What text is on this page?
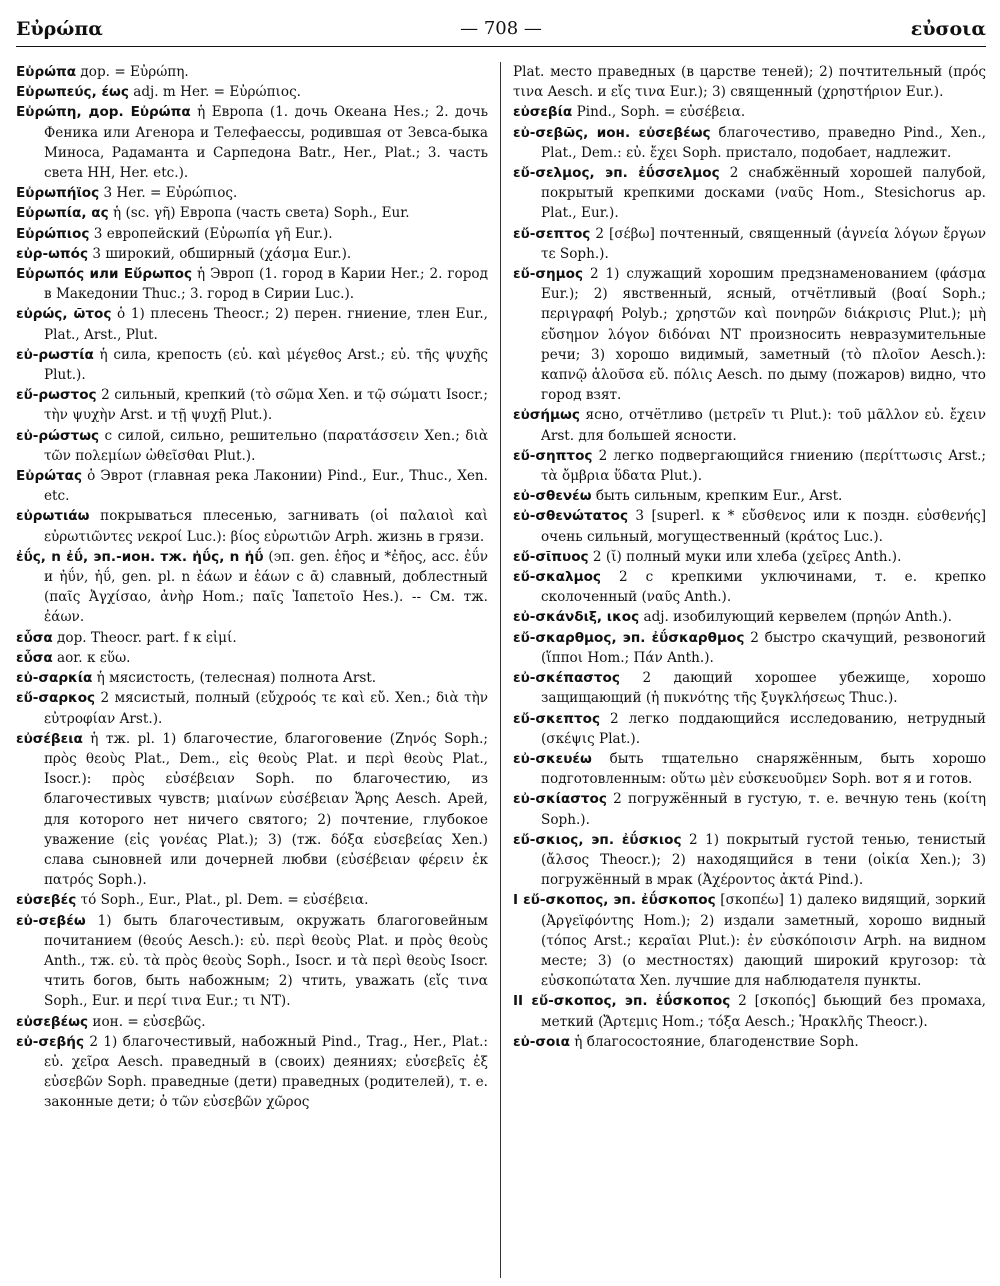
Εὐρώπα	— 708 —	εὐσοια

Εὐρώπα дор. = Εὐρώπη.

Εὐρωπεύς, έως adj. m Her. = Εὐρώπιος.

Εὐρώπη, дор. Εὐρώπα ἡ Европа (1. дочь Океана Hes.; 2. дочь Феника или Агенора и Телефаессы, родившая от Зевса-быка Миноса, Радаманта и Сарпедона Batr., Her., Plat.; 3. часть света HH, Her. etc.).

Εὐρωπήϊος 3 Her. = Εὐρώπιος.

Εὐρωπία, ας ἡ (sc. γῆ) Европа (часть света) Soph., Eur.

Εὐρώπιος 3 европейский (Εὐρωπία γῆ Eur.).

εὐρ-ωπός 3 широкий, обширный (χάσμα Eur.).

Εὐρωπός или Εὔρωπος ἡ Эвроп (1. город в Карии Her.; 2. город в Македонии Thuc.; 3. город в Сирии Luc.).

εὐρώς, ῶτος ὁ 1) плесень Theocr.; 2) перен. гниение, тлен Eur., Plat., Arst., Plut.

εὐ-ρωστία ἡ сила, крепость (εὐ. καὶ μέγεθος Arst.; εὐ. τῆς ψυχῆς Plut.).

εὔ-ρωστος 2 сильный, крепкий (τὸ σῶμα Xen. и τῷ σώματι Isocr.; τὴν ψυχὴν Arst. и τῇ ψυχῇ Plut.).

εὐ-ρώστως с силой, сильно, решительно (παρατάσσειν Xen.; διὰ τῶν πολεμίων ὠθεῖσθαι Plut.).

Εὐρώτας ὁ Эврот (главная река Лаконии) Pind., Eur., Thuc., Xen. etc.

εὐρωτιάω покрываться плесенью, загнивать (οἱ παλαιοὶ καὶ εὐρωτιῶντες νεκροί Luc.): βίος εὐρωτιῶν Arph. жизнь в грязи.

ἐΰς, n ἐΰ, эп.-ион. тж. ἠΰς, n ἠΰ (эп. gen. ἑῆος и *ἐῆος, acc. ἐΰν и ἠΰν, ἠΰ, gen. pl. n ἐάων и ἑάων с ᾱ) славный, доблестный (παῖς Ἀγχίσαο, ἀνὴρ Hom.; παῖς Ἰαπετοῖο Hes.). -- См. тж. ἐάων.

εὖσα дор. Theocr. part. f к εἰμί.

εὖσα aor. к εὕω.

εὐ-σαρκία ἡ мясистость, (телесная) полнота Arst.

εὔ-σαρκος 2 мясистый, полный (εὔχροός τε καὶ εὔ. Xen.; διὰ τὴν εὐτροφίαν Arst.).

εὐσέβεια ἡ тж. pl. 1) благочестие, благоговение (Ζηνός Soph.; πρὸς θεοὺς Plat., Dem., εἰς θεοὺς Plat. и περὶ θεοὺς Plat., Isocr.): πρὸς εὐσέβειαν Soph. по благочестию, из благочестивых чувств; μιαίνων εὐσέβειαν Ἄρης Aesch. Арей, для которого нет ничего святого; 2) почтение, глубокое уважение (εἰς γονέας Plat.); 3) (тж. δόξα εὐσεβείας Xen.) слава сыновней или дочерней любви (εὐσέβειαν φέρειν ἐκ πατρός Soph.).

εὐσεβές τό Soph., Eur., Plat., pl. Dem. = εὐσέβεια.

εὐ-σεβέω 1) быть благочестивым, окружать благоговейным почитанием (θεούς Aesch.): εὐ. περὶ θεοὺς Plat. и πρὸς θεοὺς Anth., тж. εὐ. τὰ πρὸς θεοὺς Soph., Isocr. и τὰ περὶ θεοὺς Isocr. чтить богов, быть набожным; 2) чтить, уважать (εἴς τινα Soph., Eur. и περί τινα Eur.; τι NT).

εὐσεβέως ион. = εὐσεβῶς.

εὐ-σεβής 2 1) благочестивый, набожный Pind., Trag., Her., Plat.: εὐ. χεῖρα Aesch. праведный в (своих) деяниях; εὐσεβεῖς ἐξ εὐσεβῶν Soph. праведные (дети) праведных (родителей), т. е. законные дети; ὁ τῶν εὐσεβῶν χῶρος

Plat. место праведных (в царстве теней); 2) почтительный (πρός τινα Aesch. и εἴς τινα Eur.); 3) священный (χρηστήριον Eur.).

εὐσεβία Pind., Soph. = εὐσέβεια.

εὐ-σεβῶς, ион. εὐσεβέως благочестиво, праведно Pind., Xen., Plat., Dem.: εὐ. ἔχει Soph. пристало, подобает, надлежит.

εὔ-σελμος, эп. ἐΰσσελμος 2 снабжённый хорошей палубой, покрытый крепкими досками (ναῦς Hom., Stesichorus ap. Plat., Eur.).

εὔ-σεπτος 2 [σέβω] почтенный, священный (ἁγνεία λόγων ἔργων τε Soph.).

εὔ-σημος 2 1) служащий хорошим предзнаменованием (φάσμα Eur.); 2) явственный, ясный, отчётливый (βοαί Soph.; περιγραφή Polyb.; χρηστῶν καὶ πονηρῶν διάκρισις Plut.); μὴ εὔσημον λόγον διδόναι NT произносить невразумительные речи; 3) хорошо видимый, заметный (τὸ πλοῖον Aesch.): καπνῷ ἁλοῦσα εὔ. πόλις Aesch. по дыму (пожаров) видно, что город взят.

εὐσήμως ясно, отчётливо (μετρεῖν τι Plut.): τοῦ μᾶλλον εὐ. ἔχειν Arst. для большей ясности.

εὔ-σηπτος 2 легко подвергающийся гниению (περίττωσις Arst.; τὰ ὄμβρια ὕδατα Plut.).

εὐ-σθενέω быть сильным, крепким Eur., Arst.

εὐ-σθενώτατος 3 [superl. к * εὔσθενος или к поздн. εὐσθενής] очень сильный, могущественный (κράτος Luc.).

εὔ-σῖπυος 2 (ῐ) полный муки или хлеба (χεῖρες Anth.).

εὔ-σκαλμος 2 с крепкими уключинами, т. е. крепко сколоченный (ναῦς Anth.).

εὐ-σκάνδιξ, ικος adj. изобилующий кервелем (πρηών Anth.).

εὔ-σκαρθμος, эп. ἐΰσκαρθμος 2 быстро скачущий, резвоногий (ἵπποι Hom.; Πάν Anth.).

εὐ-σκέπαστος 2 дающий хорошее убежище, хорошо защищающий (ἡ πυκνότης τῆς ξυγκλήσεως Thuc.).

εὔ-σκεπτος 2 легко поддающийся исследованию, нетрудный (σκέψις Plat.).

εὐ-σκευέω быть тщательно снаряжённым, быть хорошо подготовленным: οὕτω μὲν εὐσκευοῦμεν Soph. вот я и готов.

εὐ-σκίαστος 2 погружённый в густую, т. е. вечную тень (κοίτη Soph.).

εὔ-σκιος, эп. ἐΰσκιος 2 1) покрытый густой тенью, тенистый (ἄλσος Theocr.); 2) находящийся в тени (οἰκία Xen.); 3) погружённый в мрак (Ἀχέροντος ἀκτά Pind.).

I εὔ-σκοπος, эп. ἐΰσκοπος [σκοπέω] 1) далеко видящий, зоркий (Ἀργεϊφόντης Hom.); 2) издали заметный, хорошо видный (τόπος Arst.; κεραῖαι Plut.): ἐν εὐσκόποισιν Arph. на видном месте; 3) (о местностях) дающий широкий кругозор: τὰ εὐσκοπώτατα Xen. лучшие для наблюдателя пункты.

II εὔ-σκοπος, эп. ἐΰσκοπος 2 [σκοπός] бьющий без промаха, меткий (Ἄρτεμις Hom.; τόξα Aesch.; Ἡρακλῆς Theocr.).

εὐ-σοια ἡ благосостояние, благоденствие Soph.
